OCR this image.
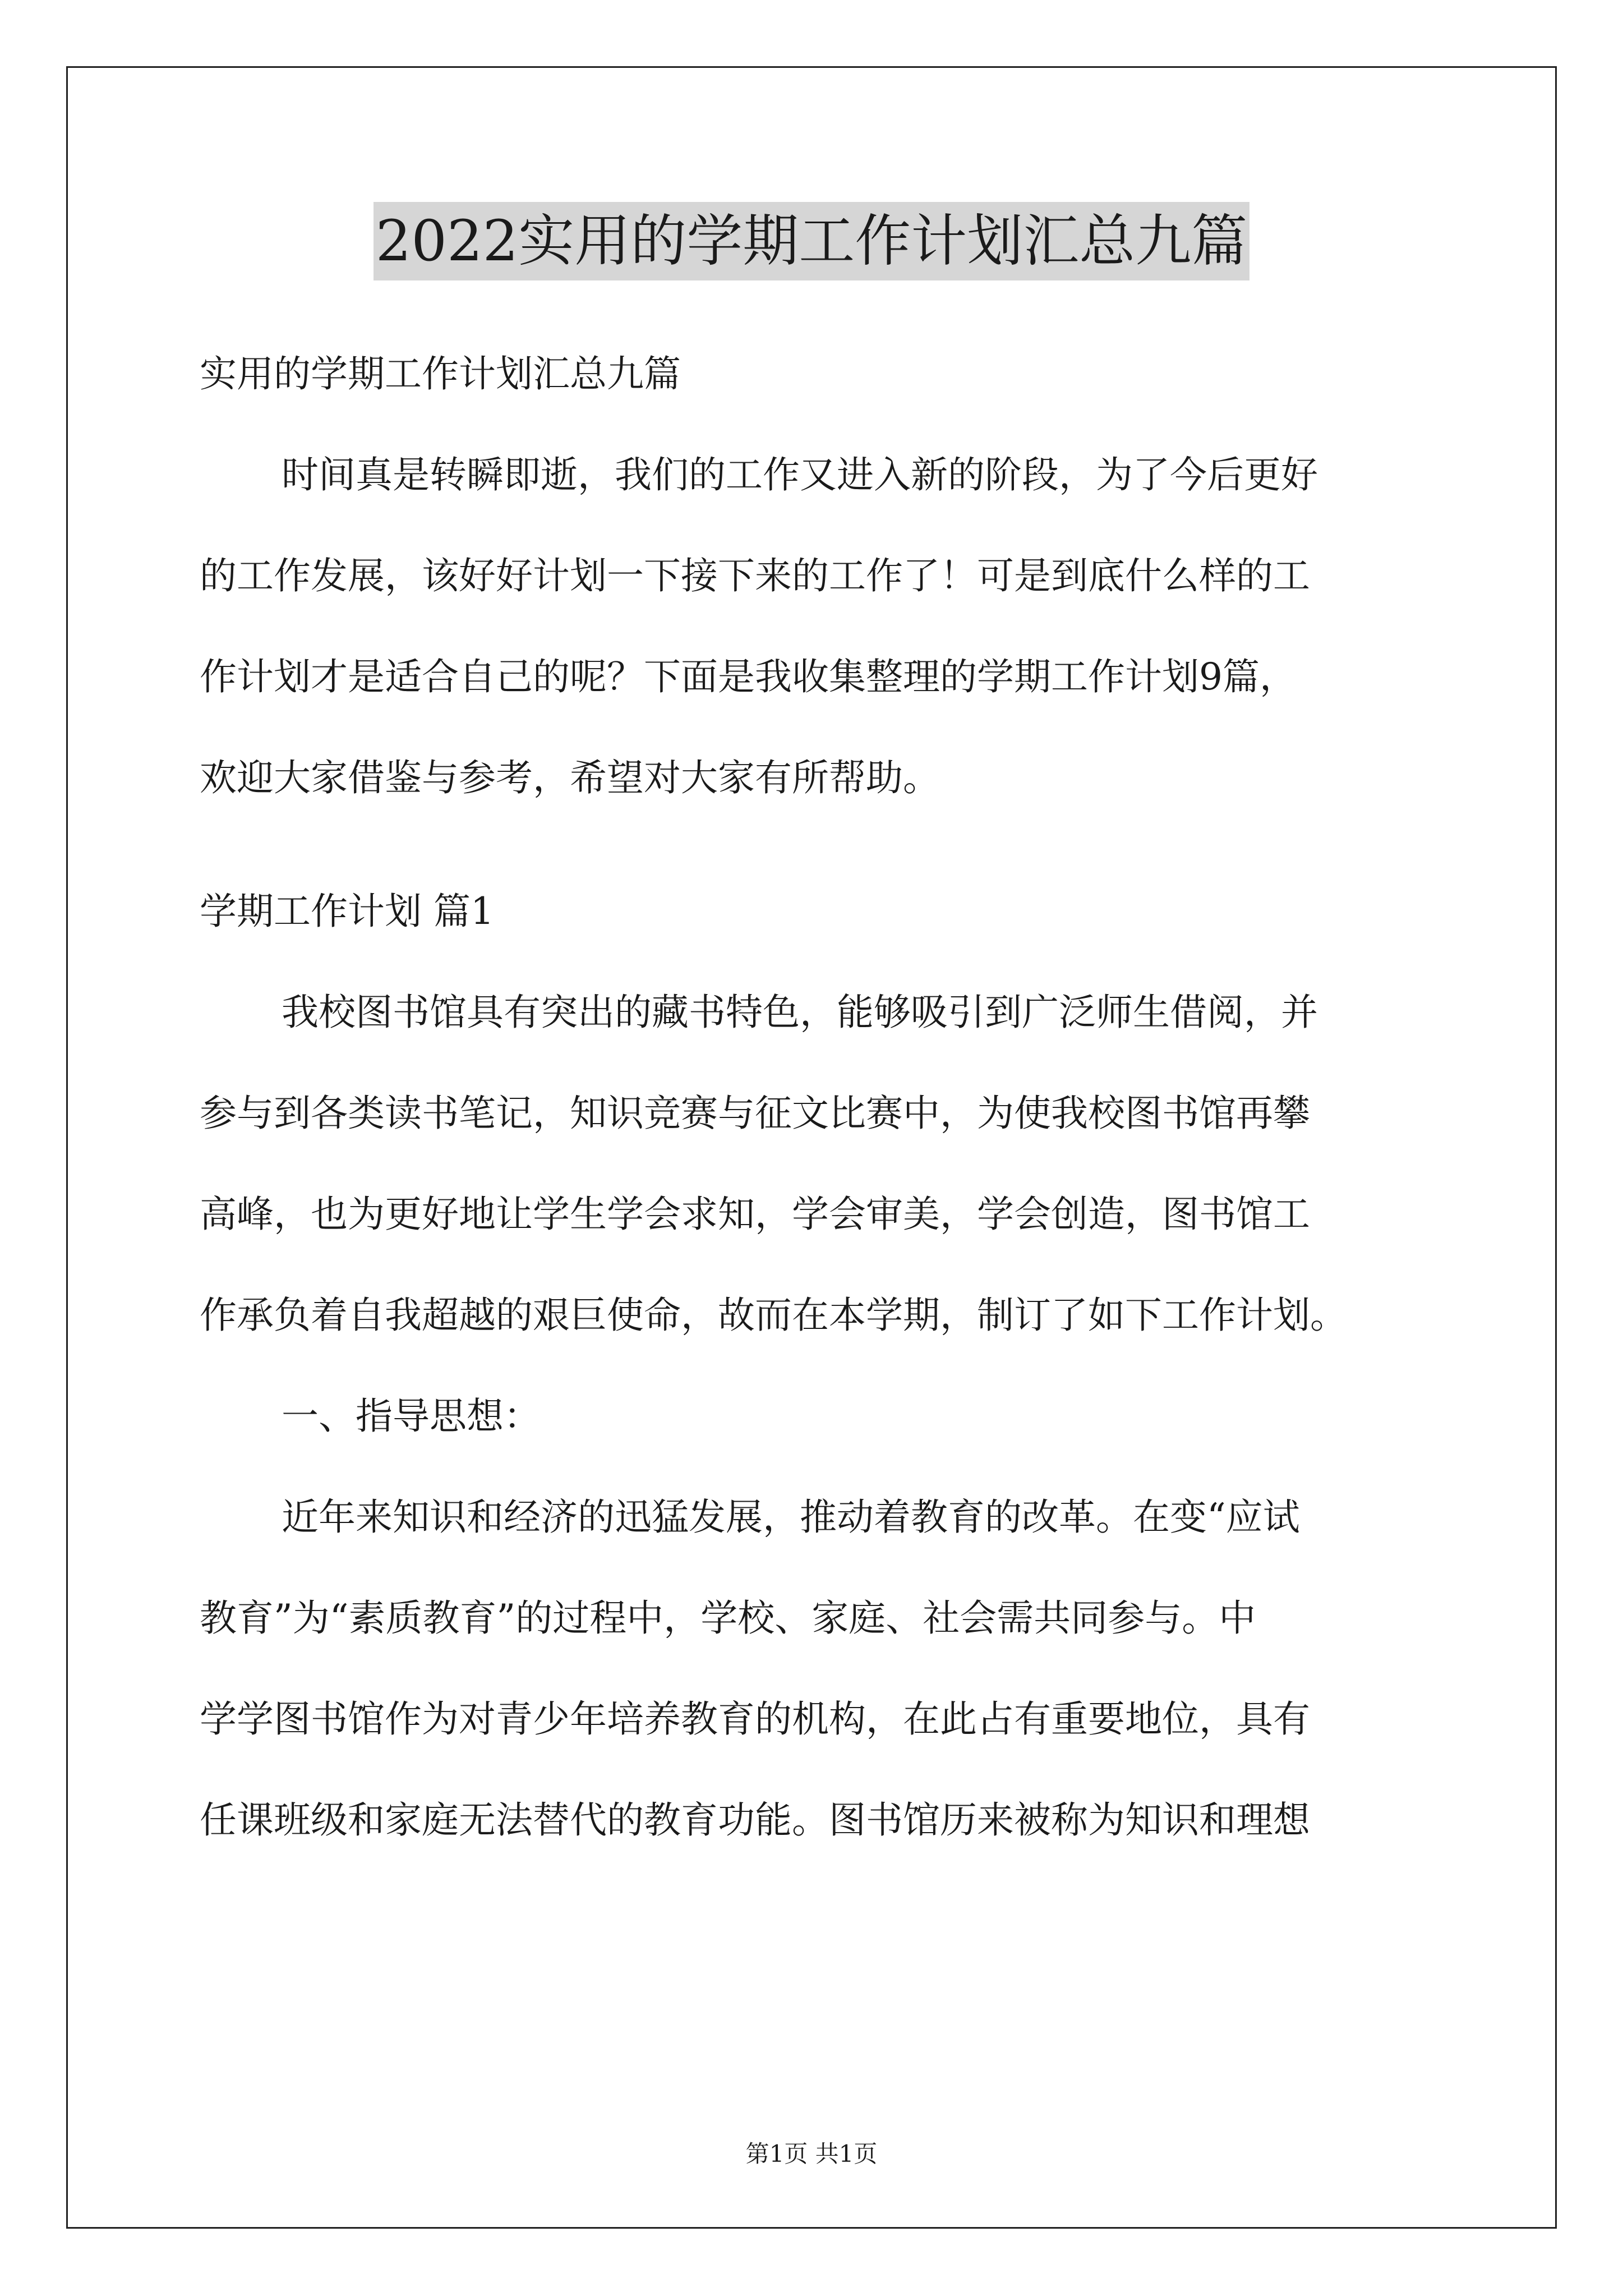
2022实用的学期工作计划汇总九篇

实用的学期工作计划汇总九篇

时间真是转瞬即逝，我们的工作又进入新的阶段，为了今后更好

的工作发展，该好好计划一下接下来的工作了！可是到底什么样的工

作计划才是适合自己的呢？下面是我收集整理的学期工作计划9篇，

欢迎大家借鉴与参考，希望对大家有所帮助。

学期工作计划 篇1

我校图书馆具有突出的藏书特色，能够吸引到广泛师生借阅，并

参与到各类读书笔记，知识竞赛与征文比赛中，为使我校图书馆再攀

高峰，也为更好地让学生学会求知，学会审美，学会创造，图书馆工

作承负着自我超越的艰巨使命，故而在本学期，制订了如下工作计划。

一、指导思想：

近年来知识和经济的迅猛发展，推动着教育的改革。在变“应试

教育”为“素质教育”的过程中，学校、家庭、社会需共同参与。中

学学图书馆作为对青少年培养教育的机构，在此占有重要地位，具有

任课班级和家庭无法替代的教育功能。图书馆历来被称为知识和理想

第1页 共1页
